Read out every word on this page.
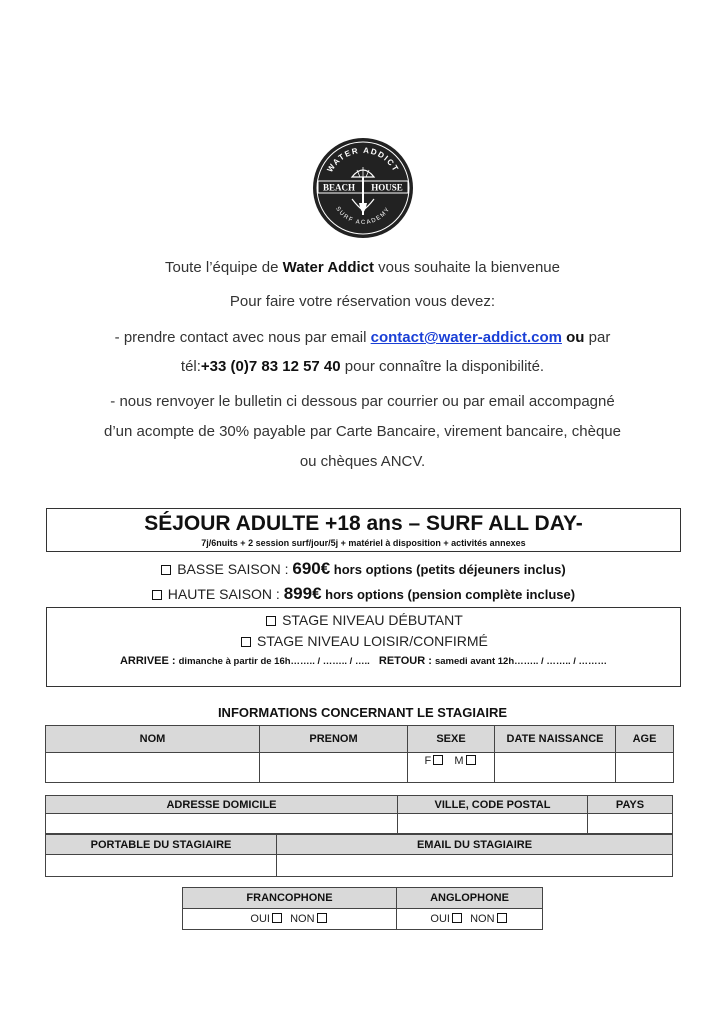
WATER ADDICT
SURF ACADEMY
BEACH HOUSE
Toute l’équipe de Water Addict vous souhaite la bienvenue
Pour faire votre réservation vous devez:
- prendre contact avec nous par email contact@water-addict.com ou par
tél:+33 (0)7 83 12 57 40 pour connaître la disponibilité.
- nous renvoyer le bulletin ci dessous par courrier ou par email accompagné
d’un acompte de 30% payable par Carte Bancaire, virement bancaire, chèque
ou chèques ANCV.
SÉJOUR ADULTE +18 ans – SURF ALL DAY-
7j/6nuits + 2 session surf/jour/5j + matériel à disposition + activités annexes
BASSE SAISON : 690€ hors options (petits déjeuners inclus)
HAUTE SAISON : 899€ hors options (pension complète incluse)
STAGE NIVEAU DÉBUTANT
STAGE NIVEAU LOISIR/CONFIRMÉ
ARRIVEE : dimanche à partir de 16h…….. / …….. / ….. RETOUR : samedi avant 12h…….. / …….. / ………
INFORMATIONS CONCERNANT LE STAGIAIRE
NOM	PRENOM	SEXE	DATE NAISSANCE	AGE
		F M		
ADRESSE DOMICILE	VILLE, CODE POSTAL	PAYS

PORTABLE DU STAGIAIRE	EMAIL DU STAGIAIRE

FRANCOPHONE	ANGLOPHONE
OUI NON	OUI NON
